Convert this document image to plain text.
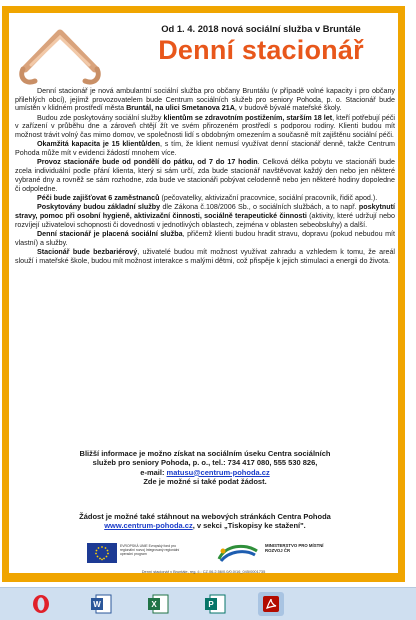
Od 1. 4. 2018 nová sociální služba v Bruntále
Denní stacionář

Denní stacionář je nová ambulantní sociální služba pro občany Bruntálu (v případě volné kapacity i pro občany přilehlých obcí), jejímž provozovatelem bude Centrum sociálních služeb pro seniory Pohoda, p. o. Stacionář bude umístěn v klidném prostředí města Bruntál, na ulici Smetanova 21A, v budově bývalé mateřské školy.

Budou zde poskytovány sociální služby klientům se zdravotním postižením, starším 18 let, kteří potřebují péči v zařízení v průběhu dne a zároveň chtějí žít ve svém přirozeném prostředí s podporou rodiny. Klienti budou mít možnost trávit volný čas mimo domov, ve společnosti lidí s obdobným omezením a současně mít zajištěnu sociální péči.

Okamžitá kapacita je 15 klientů/den, s tím, že klient nemusí využívat denní stacionář denně, takže Centrum Pohoda může mít v evidenci žádostí mnohem více.

Provoz stacionáře bude od pondělí do pátku, od 7 do 17 hodin. Celková délka pobytu ve stacionáři bude zcela individuální podle přání klienta, který si sám určí, zda bude stacionář navštěvovat každý den nebo jen některé vybrané dny a rovněž se sám rozhodne, zda bude ve stacionáři pobývat celodenně nebo jen některé hodiny dopoledne či odpoledne.

Péči bude zajišťovat 6 zaměstnanců (pečovatelky, aktivizační pracovnice, sociální pracovník, řidič apod.).

Poskytovány budou základní služby dle Zákona č.108/2006 Sb., o sociálních službách, a to např. poskytnutí stravy, pomoc při osobní hygieně, aktivizační činnosti, sociálně terapeutické činnosti (aktivity, které udržují nebo rozvíjejí uživatelovi schopnosti či dovednosti v jednotlivých oblastech, zejména v oblasten sebeobsluhy) a další.

Denní stacionář je placená sociální služba, přičemž klienti budou hradit stravu, dopravu (pokud nebudou mít vlastní) a služby.

Stacionář bude bezbariérový, uživatelé budou mít možnost využívat zahradu a vzhledem k tomu, že areál slouží i mateřské škole, budou mít možnost interakce s malými dětmi, což přispěje k jejich stimulaci a energii do života.

Bližší informace je možno získat na sociálním úseku Centra sociálních
služeb pro seniory Pohoda, p. o., tel.: 734 417 080, 555 530 826,
e-mail: matusu@centrum-pohoda.cz
Zde je možné si také podat žádost.
Žádost je možné také stáhnout na webových stránkách Centra Pohoda
www.centrum-pohoda.cz, v sekci „Tiskopisy ke stažení".
EVROPSKÁ UNIE Evropský fond pro regionální rozvoj Integrovaný regionální operační program
MINISTERSTVO PRO MÍSTNÍ ROZVOJ ČR
Denní stacionář v Bruntále, reg. č.: CZ.06.2.56/0.0/0.0/16_045/0001735
W	X	P
